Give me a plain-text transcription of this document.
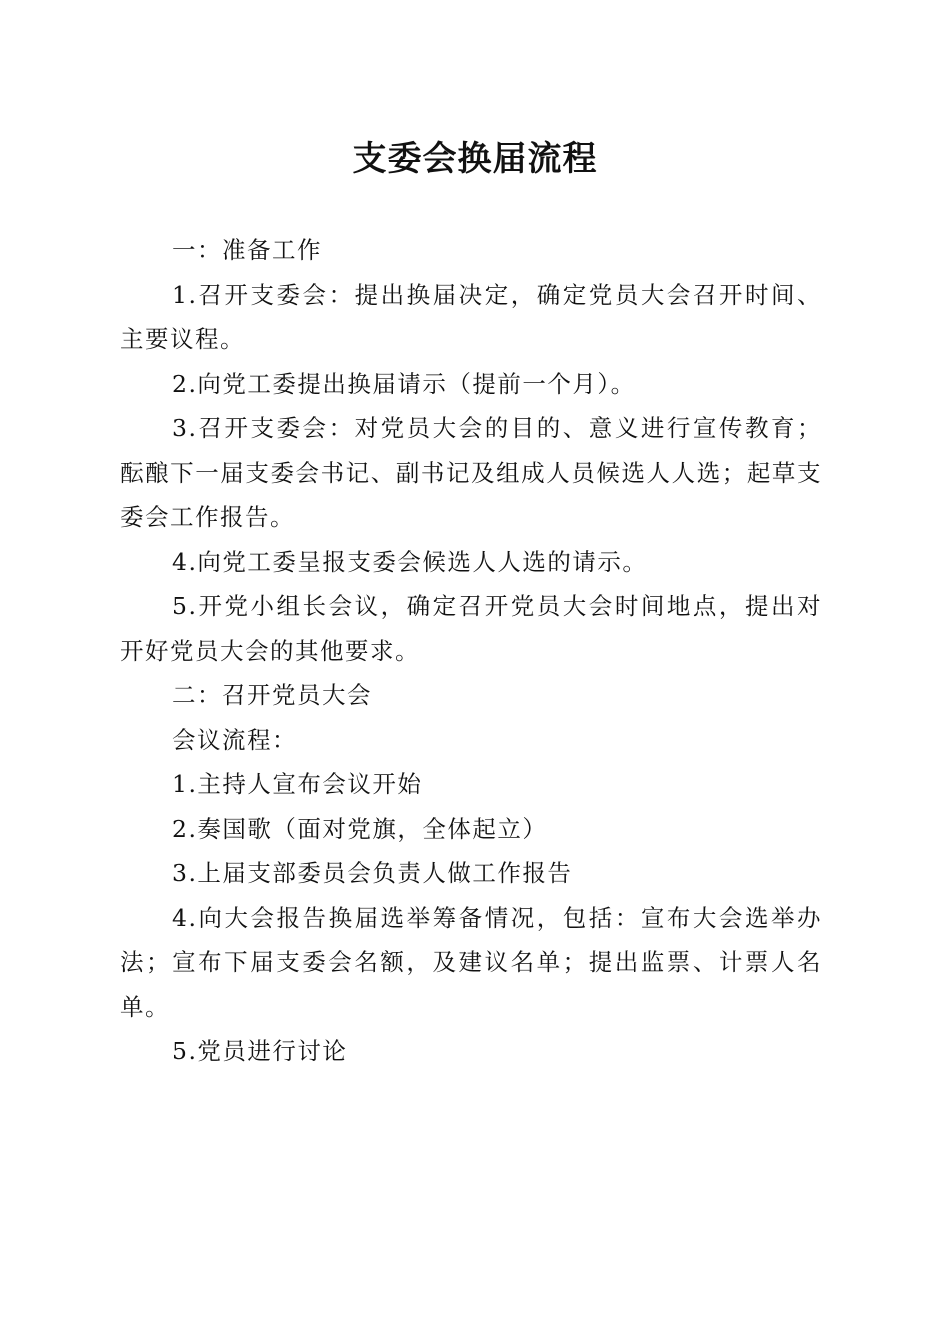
支委会换届流程

一：准备工作

1.召开支委会：提出换届决定，确定党员大会召开时间、主要议程。

2.向党工委提出换届请示（提前一个月）。

3.召开支委会：对党员大会的目的、意义进行宣传教育；酝酿下一届支委会书记、副书记及组成人员候选人人选；起草支委会工作报告。

4.向党工委呈报支委会候选人人选的请示。

5.开党小组长会议，确定召开党员大会时间地点，提出对开好党员大会的其他要求。

二：召开党员大会

会议流程：

1.主持人宣布会议开始

2.奏国歌（面对党旗，全体起立）

3.上届支部委员会负责人做工作报告

4.向大会报告换届选举筹备情况，包括：宣布大会选举办法；宣布下届支委会名额，及建议名单；提出监票、计票人名单。

5.党员进行讨论
